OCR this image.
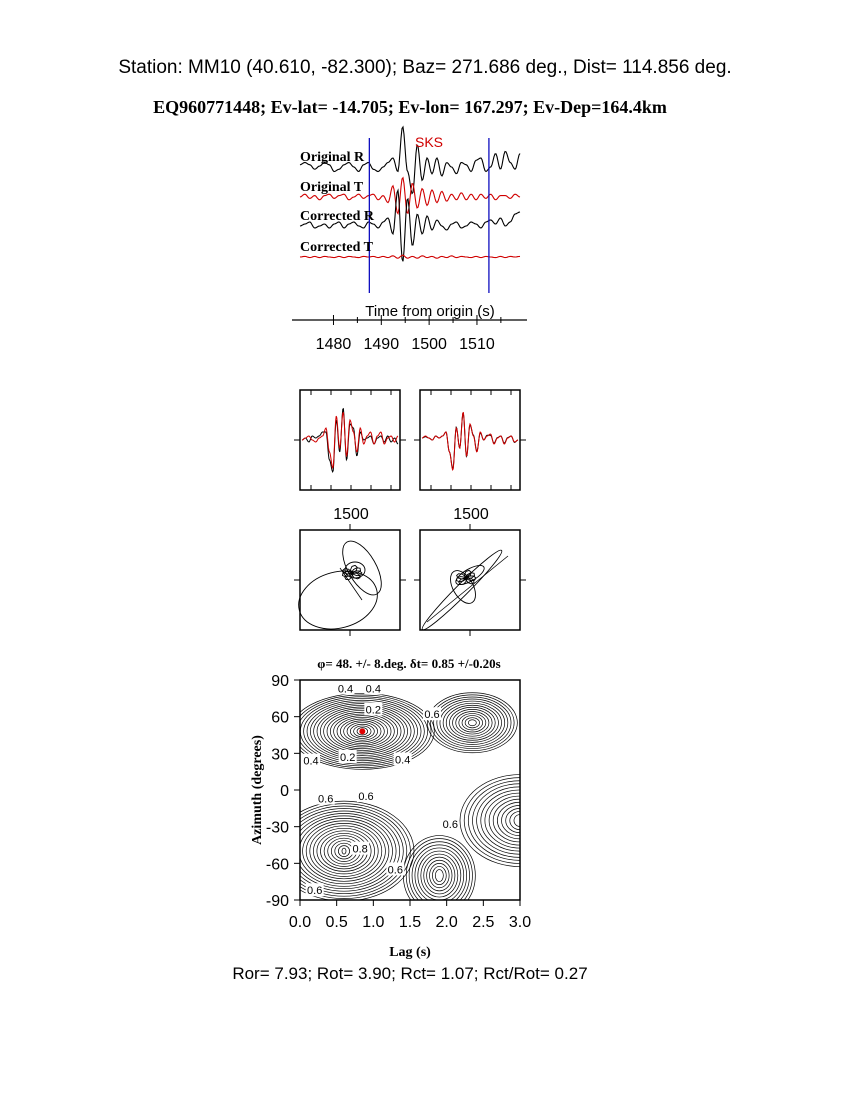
Station: MM10 (40.610, -82.300); Baz= 271.686 deg., Dist= 114.856 deg.
EQ960771448; Ev-lat= -14.705; Ev-lon= 167.297; Ev-Dep=164.4km
SKS
Original R
Original T
Corrected R
Corrected T
Time from origin (s)
1480 1490 1500 1510
1500	1500
φ= 48. +/- 8.deg. δt= 0.85 +/-0.20s
0.4 0.4
0.2
0.2
0.4	0.4
0.6
0.6 0.6
0.6
0.8
0.6
0.6
0.0 0.5 1.0 1.5 2.0 2.5 3.0
90
60
30
0
-30
-60
-90
Azimuth (degrees)
Lag (s)
Ror= 7.93; Rot= 3.90; Rct= 1.07; Rct/Rot= 0.27
